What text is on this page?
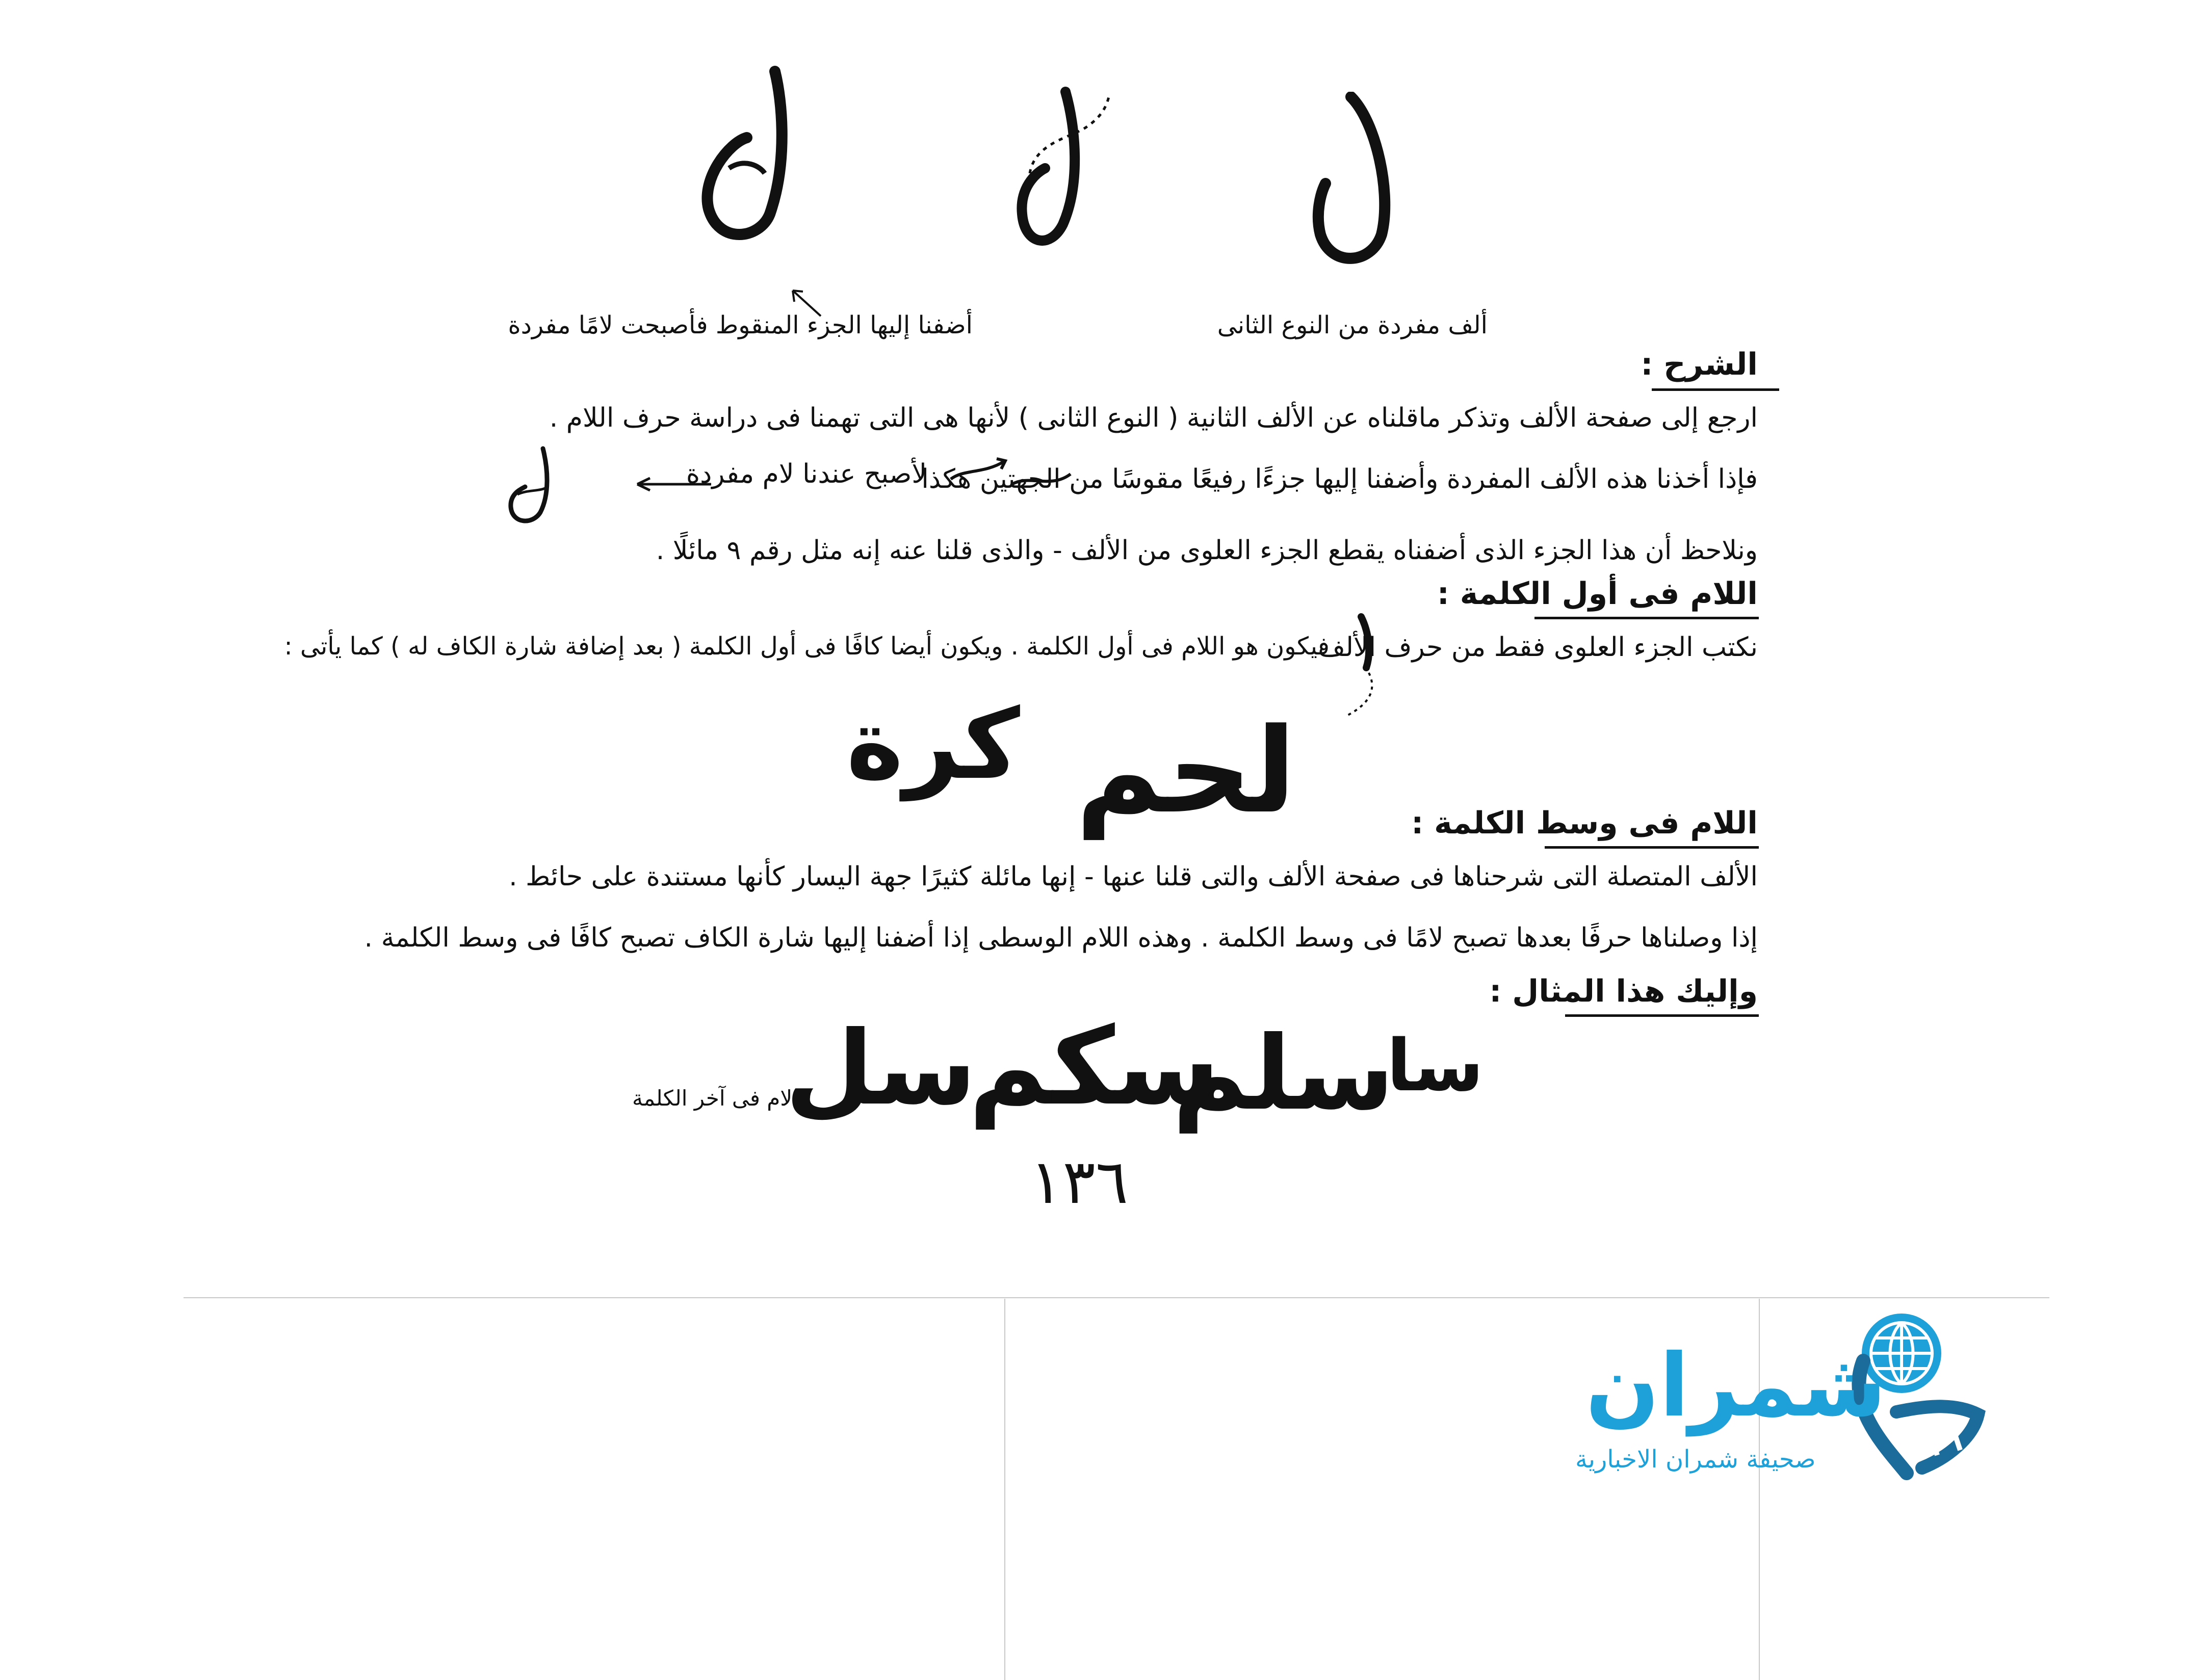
ألف مفردة من النوع الثانى
أضفنا إليها الجزء المنقوط فأصبحت لامًا مفردة
الشرح :
ارجع إلى صفحة الألف وتذكر ماقلناه عن الألف الثانية ( النوع الثانى ) لأنها هى التى تهمنا فى دراسة حرف اللام .
فإذا أخذنا هذه الألف المفردة وأضفنا إليها جزءًا رفيعًا مقوسًا من الجهتين هكذا
لأصبح عندنا لام مفردة
ونلاحظ أن هذا الجزء الذى أضفناه يقطع الجزء العلوى من الألف - والذى قلنا عنه إنه مثل رقم ٩ مائلًا .
اللام فى أول الكلمة :
نكتب الجزء العلوى فقط من حرف الألف
فيكون هو اللام فى أول الكلمة . ويكون أيضا كافًا فى أول الكلمة ( بعد إضافة شارة الكاف له ) كما يأتى :
لحم
كرة
اللام فى وسط الكلمة :
الألف المتصلة التى شرحناها فى صفحة الألف والتى قلنا عنها - إنها مائلة كثيرًا جهة اليسار كأنها مستندة على حائط .
إذا وصلناها حرفًا بعدها تصبح لامًا فى وسط الكلمة . وهذه اللام الوسطى إذا أضفنا إليها شارة الكاف تصبح كافًا فى وسط الكلمة .
وإليك هذا المثال :
سا
سلم
سكم
سل
لام فى آخر الكلمة
١٣٦
شمران
صحيفة شمران الاخبارية
